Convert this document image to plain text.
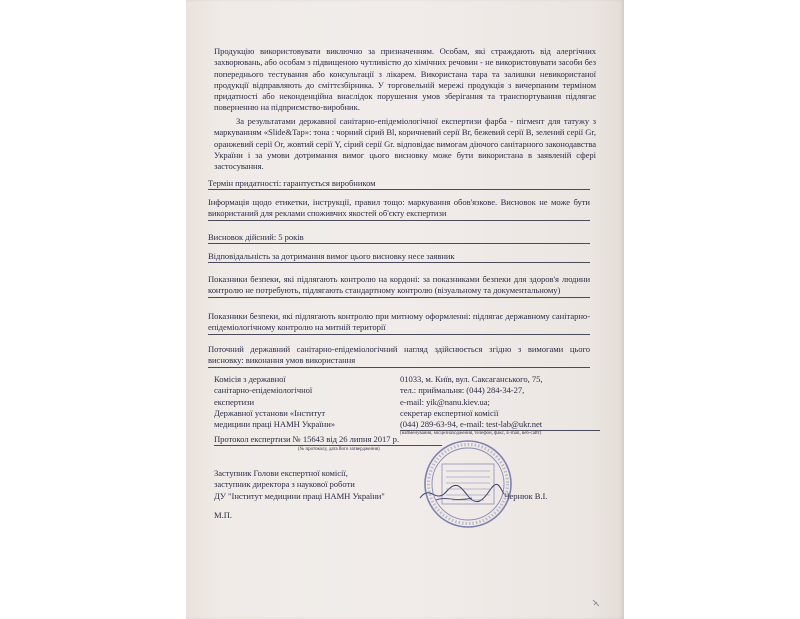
Продукцію використовувати виключно за призначенням. Особам, які страждають від алергічних захворювань, або особам з підвищеною чутливістю до хімічних речовин - не використовувати засоби без попереднього тестування або консультації з лікарем. Використана тара та залишки невикористаної продукції відправляють до сміттєзбірника. У торговельній мережі продукція з вичерпаним терміном придатності або неконденційна внаслідок порушення умов зберігання та транспортування підлягає поверненню на підприємство-виробник.
За результатами державної санітарно-епідеміологічної експертизи фарба - пігмент для татужу з маркуванням «Slide&Tap»: тона : чорний сірий Bl, коричневий серії Br, бежевий серії B, зелений серії Gr, оранжевий серії Or, жовтий серії Y, сірий серії Gr. відповідає вимогам діючого санітарного законодавства України і за умови дотримання вимог цього висновку може бути використана в заявленій сфері застосування.
Термін придатності: гарантується виробником
Інформація щодо етикетки, інструкції, правил тощо: маркування обов'язкове. Висновок не може бути використаний для реклами споживчих якостей об'єкту експертизи
Висновок дійсний: 5 років
Відповідальність за дотримання вимог цього висновку несе заявник
Показники безпеки, які підлягають контролю на кордоні: за показниками безпеки для здоров'я людини контролю не потребують, підлягають стандартному контролю (візуальному та документальному)
Показники безпеки, які підлягають контролю при митному оформленні: підлягає державному санітарно-епідеміологічному контролю на митній території
Поточний державний санітарно-епідеміологічний нагляд здійснюється згідно з вимогами цього висновку: виконання умов використання
Комісія з державної
санітарно-епідеміологічної
експертизи
Державної установи «Інститут
медицини праці НАМН України»
01033, м. Київ, вул. Саксаганського, 75,
тел.: приймальня: (044) 284-34-27,
e-mail: yik@nanu.kiev.ua;
секретар експертної комісії
(044) 289-63-94, e-mail: test-lab@ukr.net
(найменування, місцезнаходження, телефон, факс, E-mail, веб-сайт)
Протокол експертизи № 15643 від 26 липня 2017 р.
(№ протоколу, дата його затвердження)
Заступник Голови експертної комісії,
заступник директора з наукової роботи
ДУ "Інститут медицини праці НАМН України"	Чернюк В.І.
М.П.
